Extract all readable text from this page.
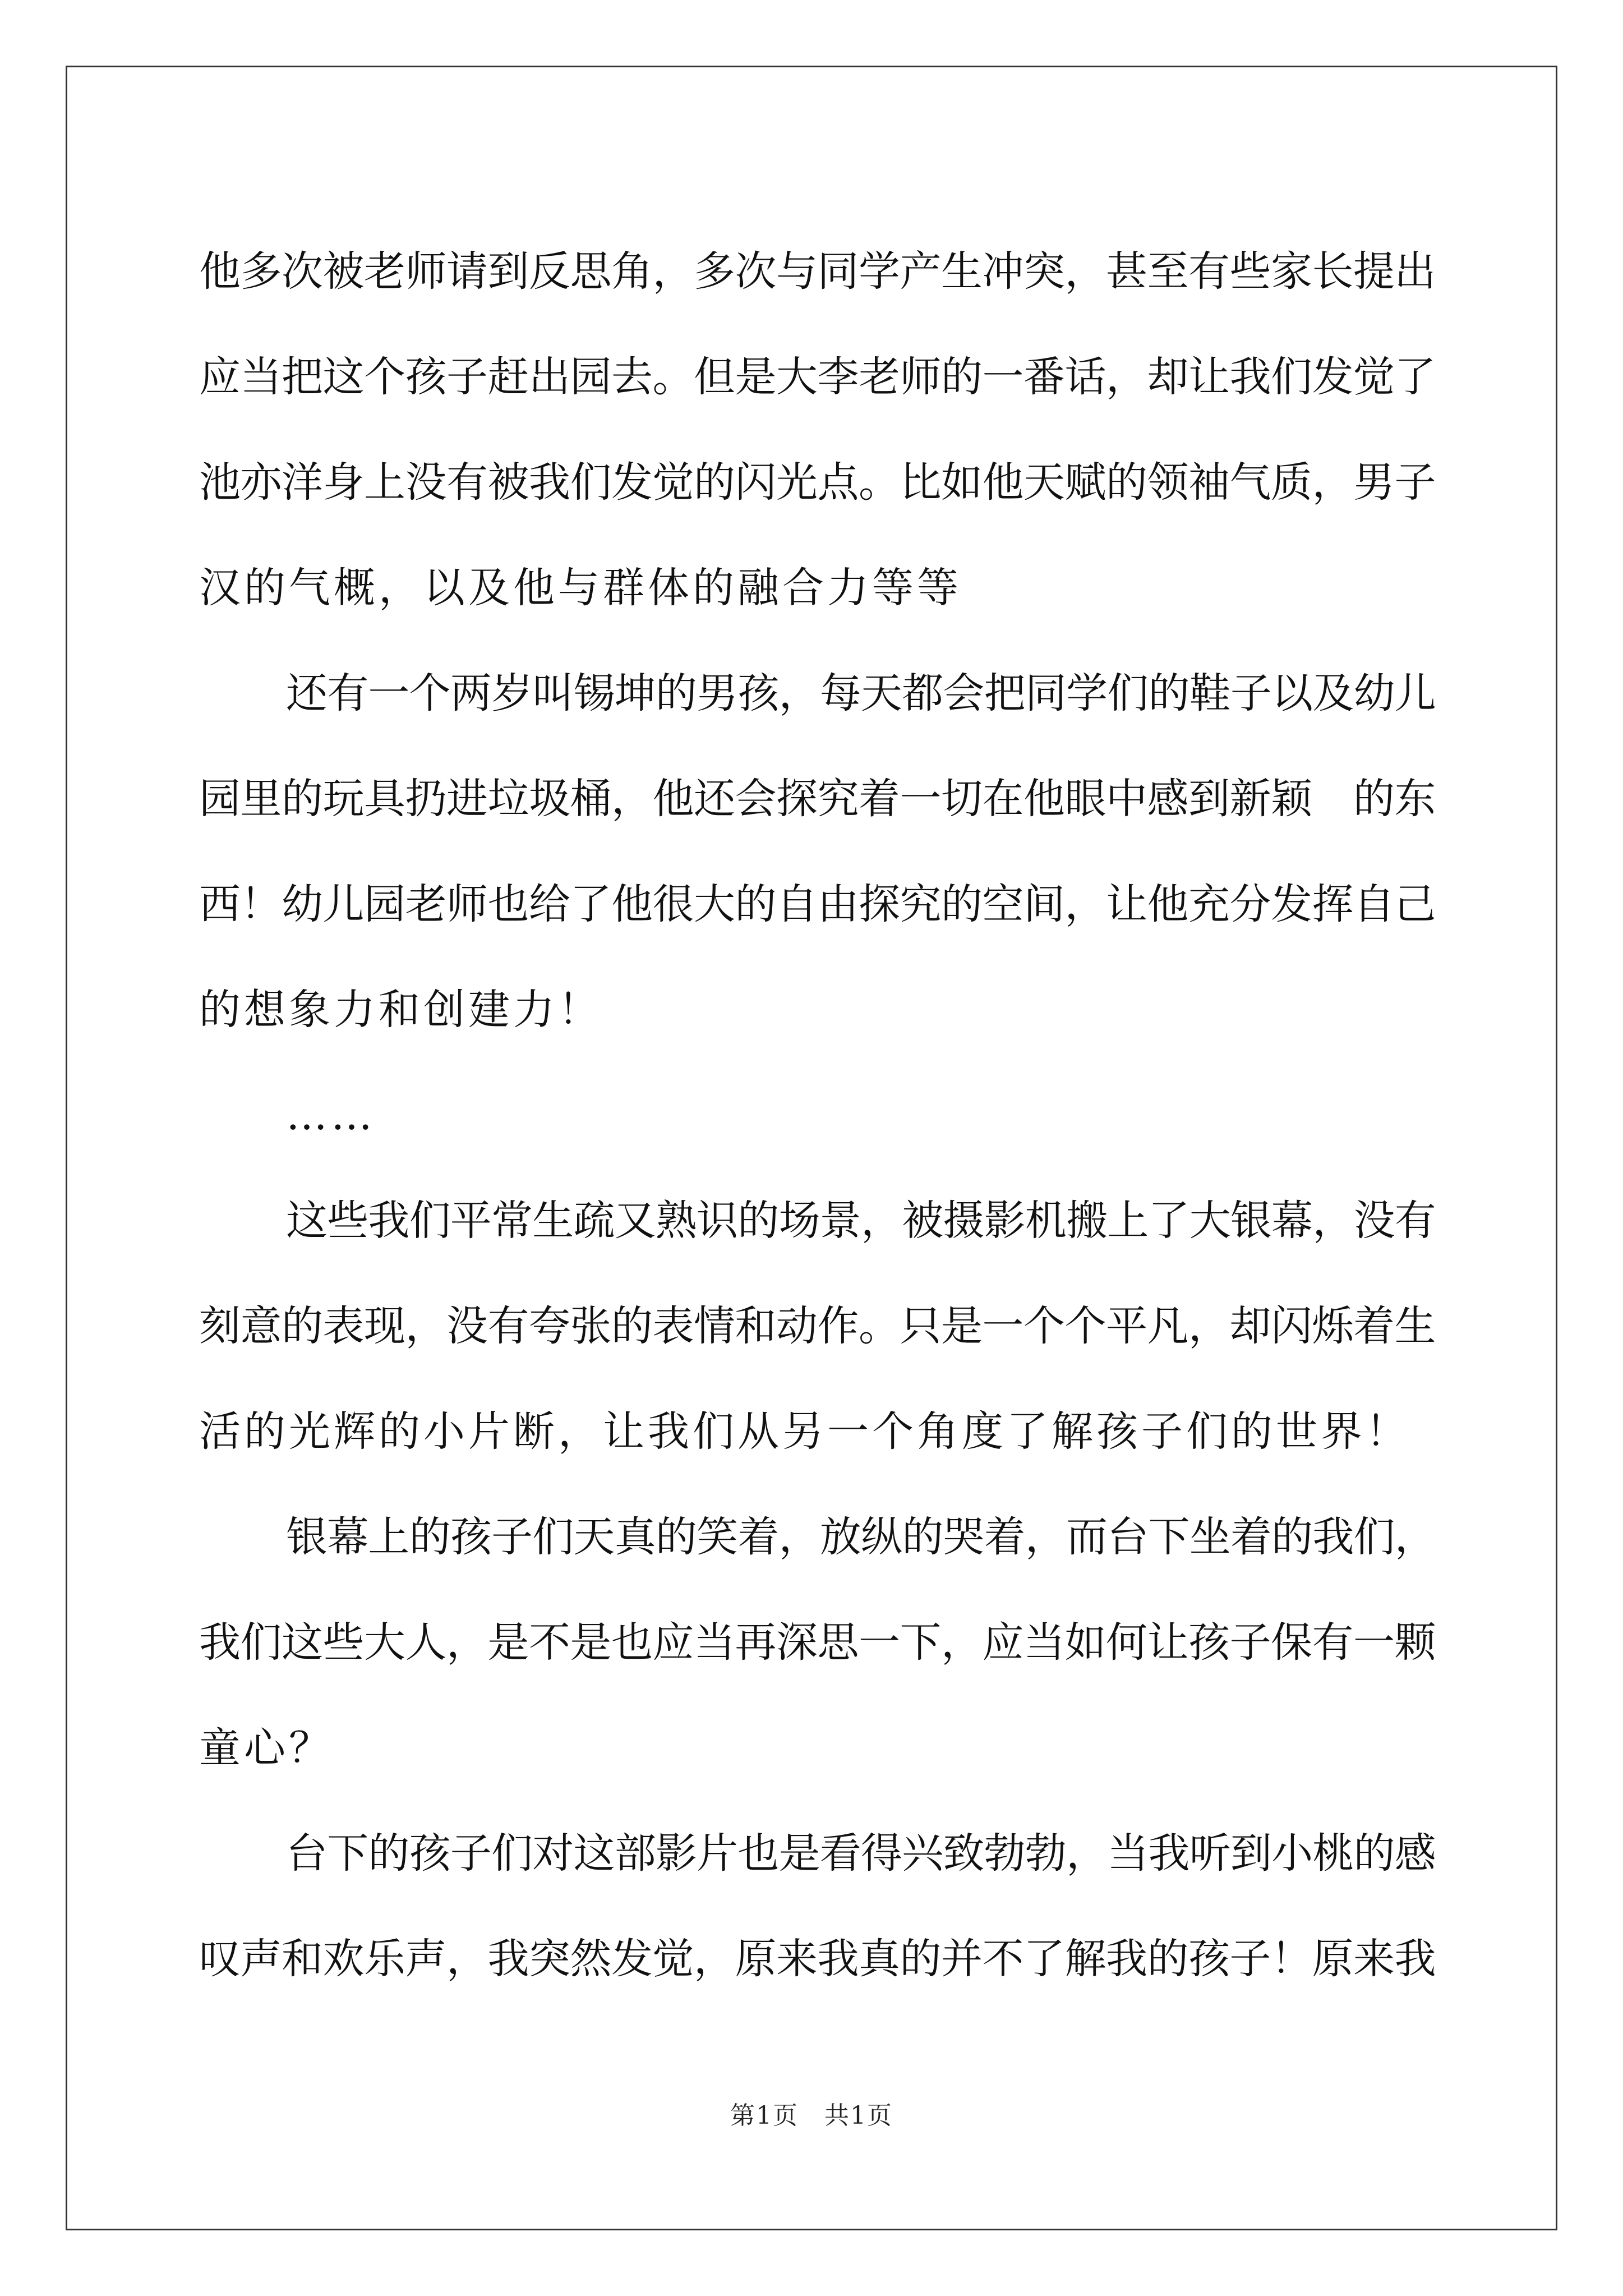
他多次被老师请到反思角，多次与同学产生冲突，甚至有些家长提出
应当把这个孩子赶出园去。但是大李老师的一番话，却让我们发觉了
池亦洋身上没有被我们发觉的闪光点。比如他天赋的领袖气质，男子
汉的气概，以及他与群体的融合力等等
还有一个两岁叫锡坤的男孩，每天都会把同学们的鞋子以及幼儿
园里的玩具扔进垃圾桶，他还会探究着一切在他眼中感到新颖　的东
西！幼儿园老师也给了他很大的自由探究的空间，让他充分发挥自己
的想象力和创建力！
……
这些我们平常生疏又熟识的场景，被摄影机搬上了大银幕，没有
刻意的表现，没有夸张的表情和动作。只是一个个平凡，却闪烁着生
活的光辉的小片断，让我们从另一个角度了解孩子们的世界！
银幕上的孩子们天真的笑着，放纵的哭着，而台下坐着的我们，
我们这些大人，是不是也应当再深思一下，应当如何让孩子保有一颗
童心？
台下的孩子们对这部影片也是看得兴致勃勃，当我听到小桃的感
叹声和欢乐声，我突然发觉，原来我真的并不了解我的孩子！原来我
第1页　共1页
